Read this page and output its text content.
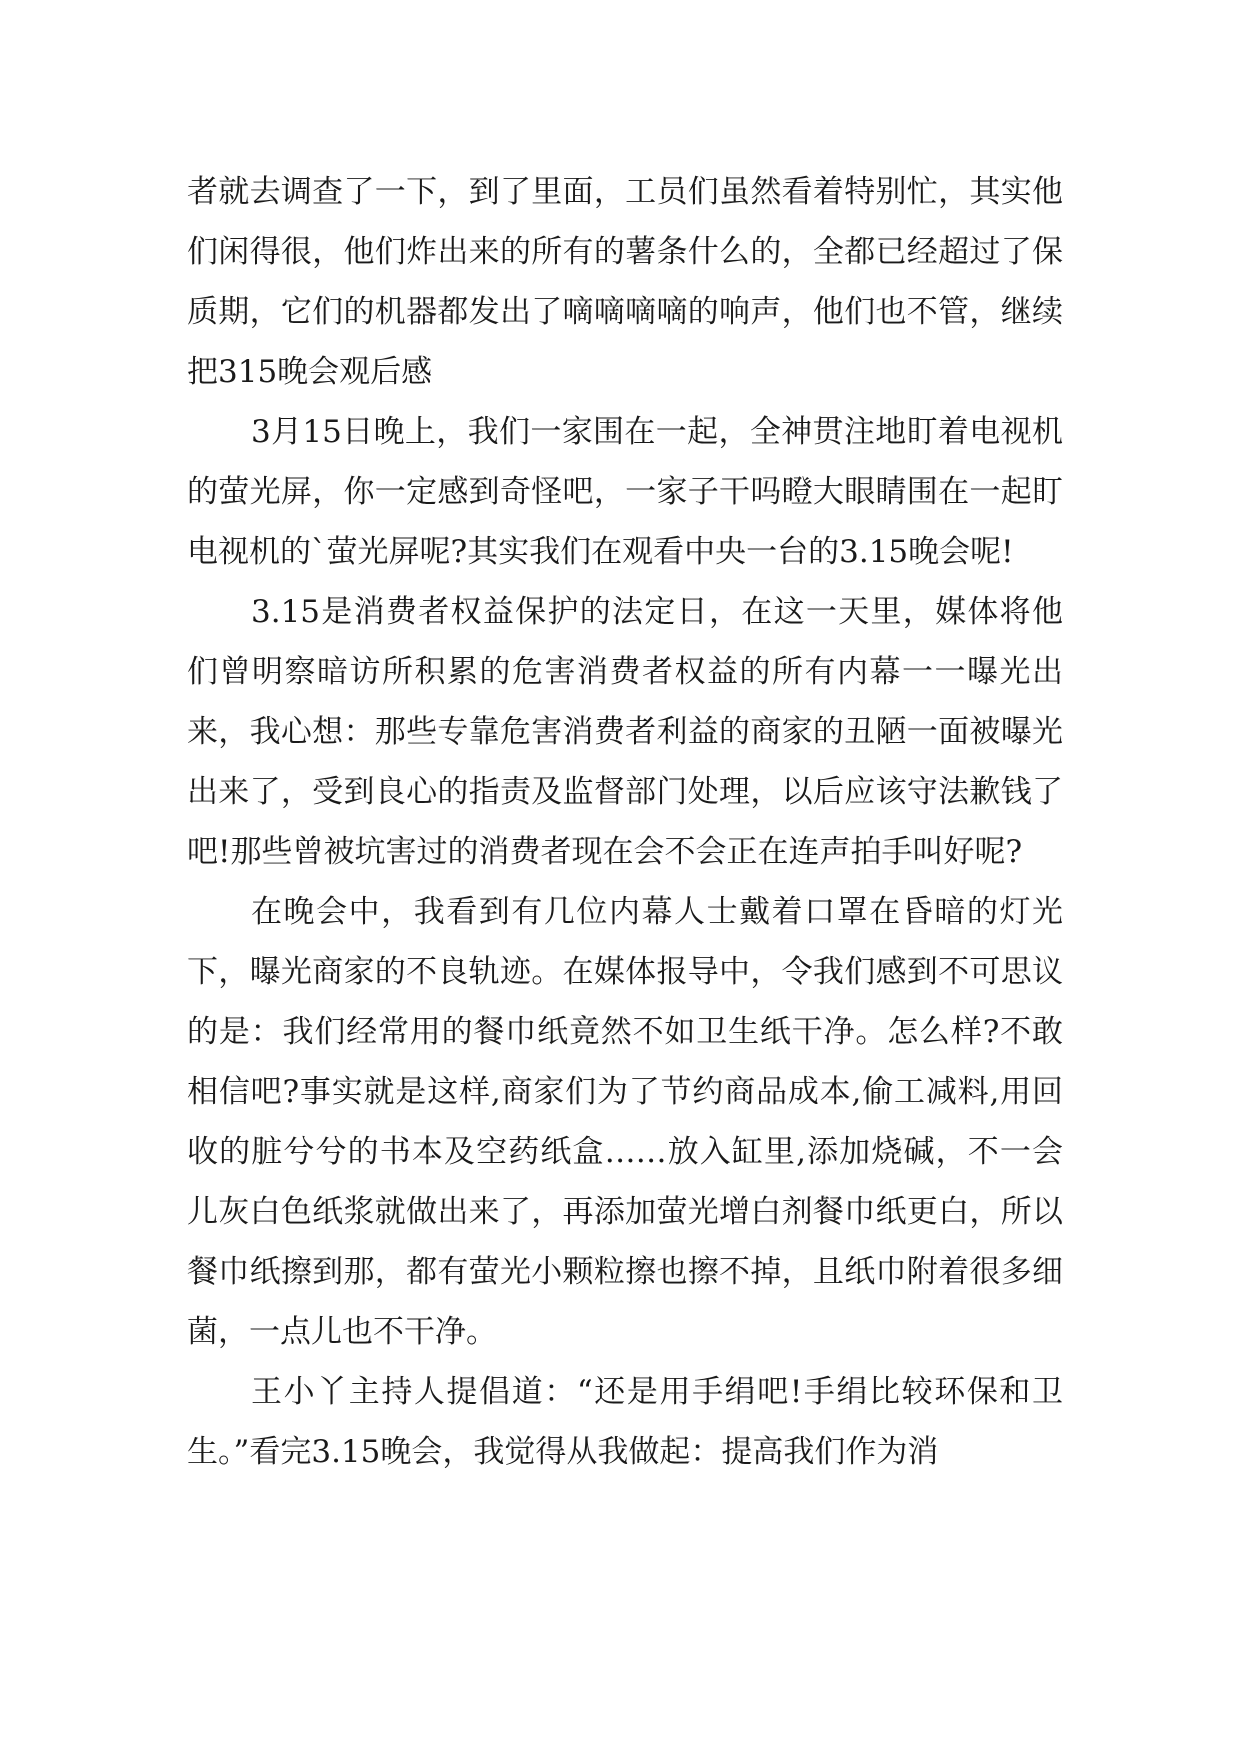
者就去调查了一下，到了里面，工员们虽然看着特别忙，其实他们闲得很，他们炸出来的所有的薯条什么的，全都已经超过了保质期，它们的机器都发出了嘀嘀嘀嘀的响声，他们也不管，继续把315晚会观后感

3月15日晚上，我们一家围在一起，全神贯注地盯着电视机的萤光屏，你一定感到奇怪吧，一家子干吗瞪大眼睛围在一起盯电视机的`萤光屏呢?其实我们在观看中央一台的3.15晚会呢!

3.15是消费者权益保护的法定日，在这一天里，媒体将他们曾明察暗访所积累的危害消费者权益的所有内幕一一曝光出来，我心想：那些专靠危害消费者利益的商家的丑陋一面被曝光出来了，受到良心的指责及监督部门处理，以后应该守法歉钱了吧!那些曾被坑害过的消费者现在会不会正在连声拍手叫好呢?

在晚会中，我看到有几位内幕人士戴着口罩在昏暗的灯光下，曝光商家的不良轨迹。在媒体报导中，令我们感到不可思议的是：我们经常用的餐巾纸竟然不如卫生纸干净。怎么样?不敢相信吧?事实就是这样,商家们为了节约商品成本,偷工减料,用回收的脏兮兮的书本及空药纸盒……放入缸里,添加烧碱，不一会儿灰白色纸浆就做出来了，再添加萤光增白剂餐巾纸更白，所以餐巾纸擦到那，都有萤光小颗粒擦也擦不掉，且纸巾附着很多细菌，一点儿也不干净。

王小丫主持人提倡道：“还是用手绢吧!手绢比较环保和卫生。”看完3.15晚会，我觉得从我做起：提高我们作为消
